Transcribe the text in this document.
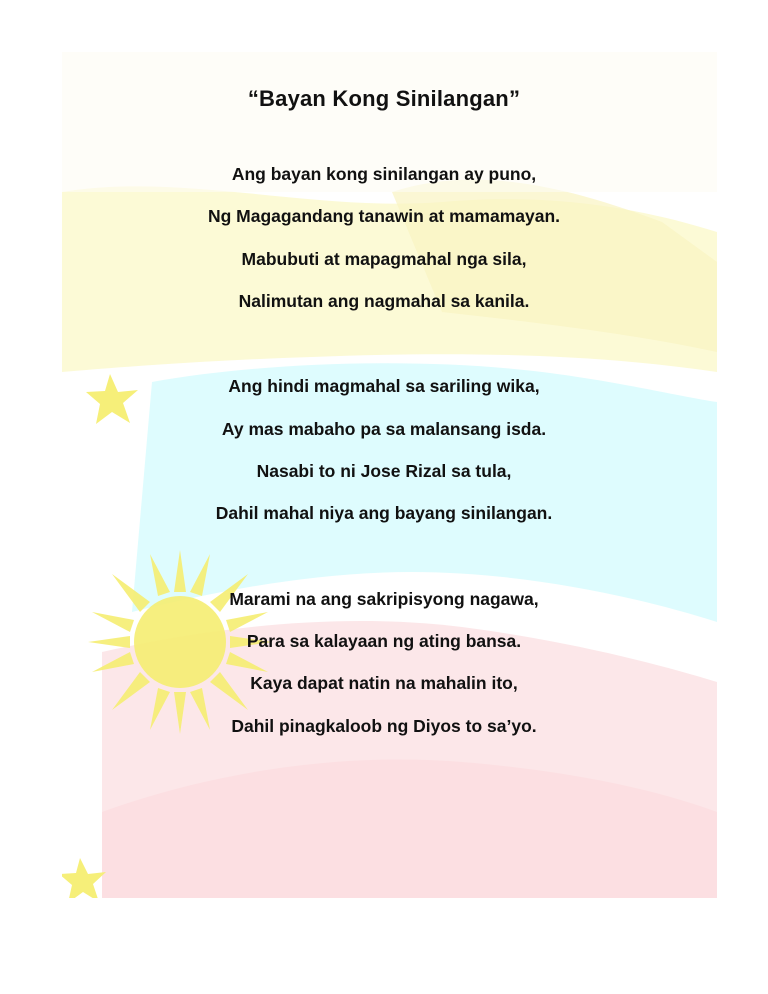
“Bayan Kong Sinilangan”
Ang bayan kong sinilangan ay puno,
Ng Magagandang tanawin at mamamayan.
Mabubuti at mapagmahal nga sila,
Nalimutan ang nagmahal sa kanila.
Ang hindi magmahal sa sariling wika,
Ay mas mabaho pa sa malansang isda.
Nasabi to ni Jose Rizal sa tula,
Dahil mahal niya ang bayang sinilangan.
Marami na ang sakripisyong nagawa,
Para sa kalayaan ng ating bansa.
Kaya dapat natin na mahalin ito,
Dahil pinagkaloob ng Diyos to sa’yo.
